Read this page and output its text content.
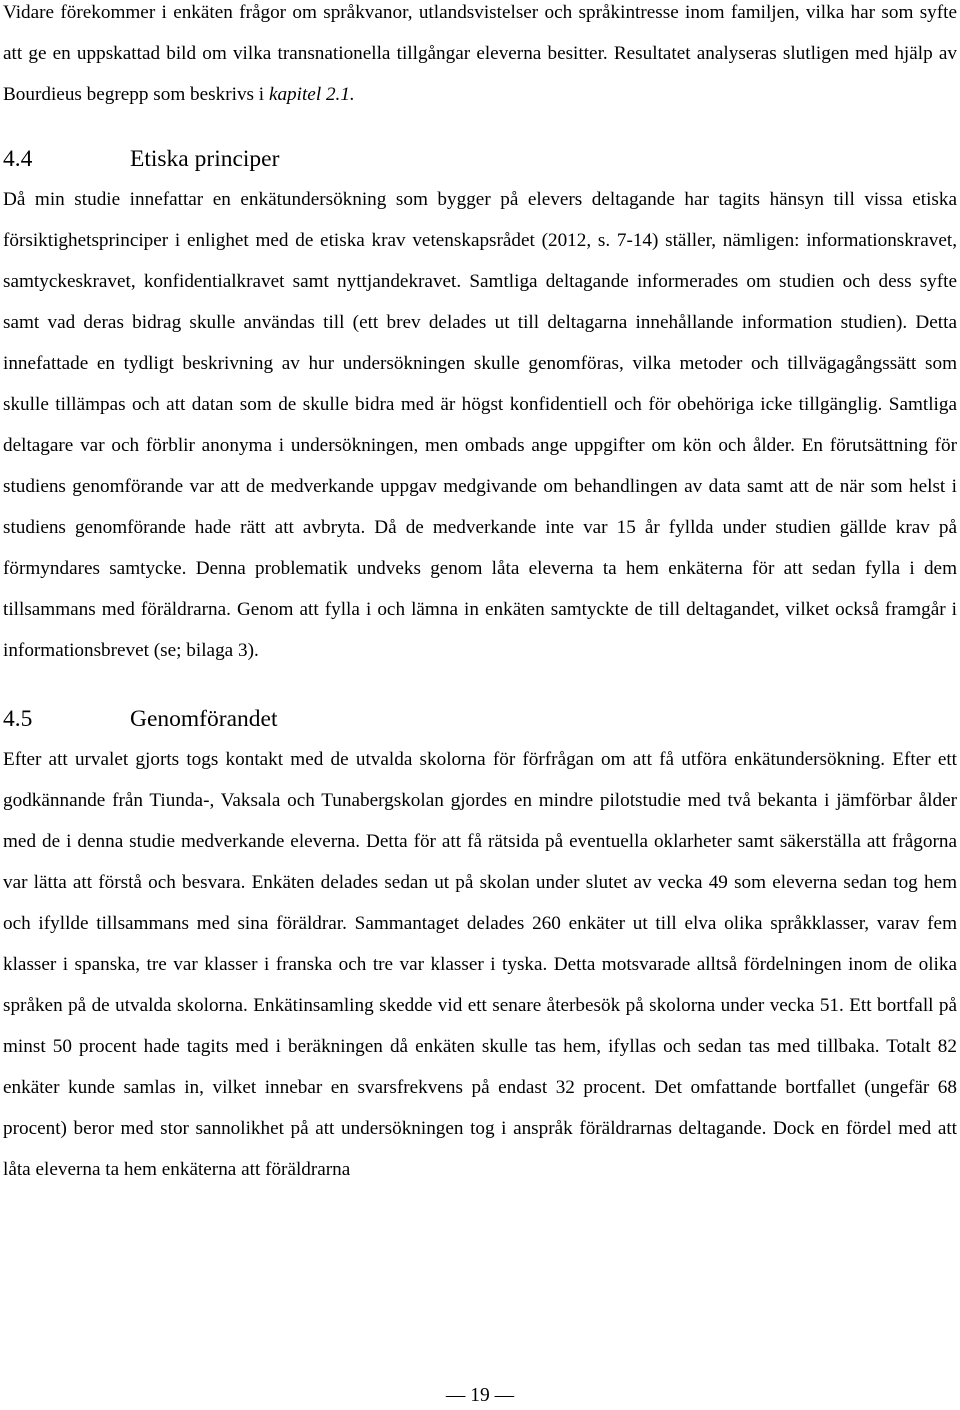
Vidare förekommer i enkäten frågor om språkvanor, utlandsvistelser och språkintresse inom familjen, vilka har som syfte att ge en uppskattad bild om vilka transnationella tillgångar eleverna besitter. Resultatet analyseras slutligen med hjälp av Bourdieus begrepp som beskrivs i kapitel 2.1.

4.4	Etiska principer

Då min studie innefattar en enkätundersökning som bygger på elevers deltagande har tagits hänsyn till vissa etiska försiktighetsprinciper i enlighet med de etiska krav vetenskapsrådet (2012, s. 7-14) ställer, nämligen: informationskravet, samtyckeskravet, konfidentialkravet samt nyttjandekravet. Samtliga deltagande informerades om studien och dess syfte samt vad deras bidrag skulle användas till (ett brev delades ut till deltagarna innehållande information studien). Detta innefattade en tydligt beskrivning av hur undersökningen skulle genomföras, vilka metoder och tillvägagångssätt som skulle tillämpas och att datan som de skulle bidra med är högst konfidentiell och för obehöriga icke tillgänglig. Samtliga deltagare var och förblir anonyma i undersökningen, men ombads ange uppgifter om kön och ålder. En förutsättning för studiens genomförande var att de medverkande uppgav medgivande om behandlingen av data samt att de när som helst i studiens genomförande hade rätt att avbryta. Då de medverkande inte var 15 år fyllda under studien gällde krav på förmyndares samtycke. Denna problematik undveks genom låta eleverna ta hem enkäterna för att sedan fylla i dem tillsammans med föräldrarna. Genom att fylla i och lämna in enkäten samtyckte de till deltagandet, vilket också framgår i informationsbrevet (se; bilaga 3).

4.5	Genomförandet

Efter att urvalet gjorts togs kontakt med de utvalda skolorna för förfrågan om att få utföra enkätundersökning. Efter ett godkännande från Tiunda-, Vaksala och Tunabergskolan gjordes en mindre pilotstudie med två bekanta i jämförbar ålder med de i denna studie medverkande eleverna. Detta för att få rätsida på eventuella oklarheter samt säkerställa att frågorna var lätta att förstå och besvara. Enkäten delades sedan ut på skolan under slutet av vecka 49 som eleverna sedan tog hem och ifyllde tillsammans med sina föräldrar. Sammantaget delades 260 enkäter ut till elva olika språkklasser, varav fem klasser i spanska, tre var klasser i franska och tre var klasser i tyska. Detta motsvarade alltså fördelningen inom de olika språken på de utvalda skolorna. Enkätinsamling skedde vid ett senare återbesök på skolorna under vecka 51. Ett bortfall på minst 50 procent hade tagits med i beräkningen då enkäten skulle tas hem, ifyllas och sedan tas med tillbaka. Totalt 82 enkäter kunde samlas in, vilket innebar en svarsfrekvens på endast 32 procent. Det omfattande bortfallet (ungefär 68 procent) beror med stor sannolikhet på att undersökningen tog i anspråk föräldrarnas deltagande. Dock en fördel med att låta eleverna ta hem enkäterna att föräldrarna

— 19 —
